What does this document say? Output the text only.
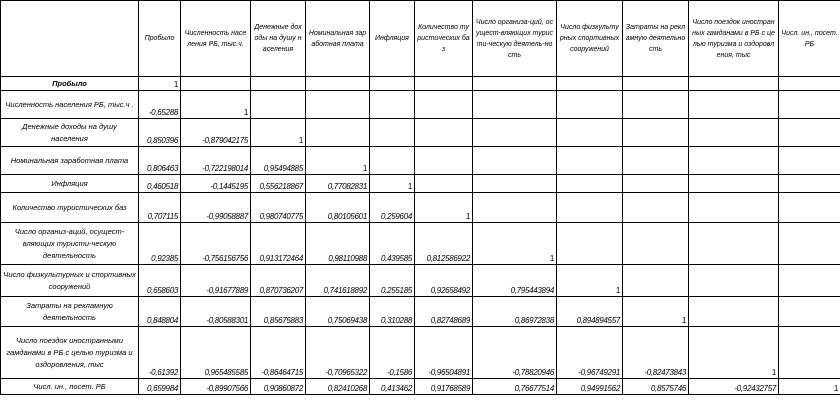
	Пробыло	Численность населения РБ, тыс.ч.	Денежные доходы на душу населения	Номинальная заработная плата	Инфляция	Количество туристических баз	Число организа-ций, осущест-вляющих туристи-ческую деятель-ность	Число физкультурных спортивных сооружений	Затраты на рекламную деятельность	Число поездок иностранных гамданами в РБ с целью туризма и оздоровления, тыс	Числ. ин., посет. РБ
Пробыло	1										
Численность населения РБ, тыс.ч .	-0,65288	1									
Денежные доходы на душу населения	0,850396	-0,879042175	1								
Номинальная заработная плата	0,806463	-0,722198014	0,95494885	1							
Инфляция	0,460518	-0,1445195	0,556218867	0,77082831	1						
Количество туристических баз	0,707115	-0,99058887	0,980740775	0,80105601	0,259604	1					
Число организ-аций, осущест-вляющих туристи-ческую деятельность	0,92385	-0,756156756	0,913172464	0,98110988	0,439585	0,812586922	1				
Число физкультурных и спортивных сооружений	0,658603	-0,91677889	0,870736207	0,741618892	0,255185	0,92658492	0,795443894	1			
Затраты на рекламную деятельность	0,848804	-0,80588301	0,85675883	0,75069438	0,310288	0,82748689	0,86972838	0,894894557	1		
Число поездок иностранными гамданами в РБ с целью туризма и оздоровления, тыс	-0,61392	0,965485585	-0,86464715	-0,70965322	-0,1586	-0,96504891	-0,78820946	-0,96749291	-0,82473843	1	
Числ. ин., посет. РБ	0,659984	-0,89907566	0,90860872	0,82410268	0,413462	0,91768589	0,76677514	0,94991562	0,8575746	-0,92432757	1
